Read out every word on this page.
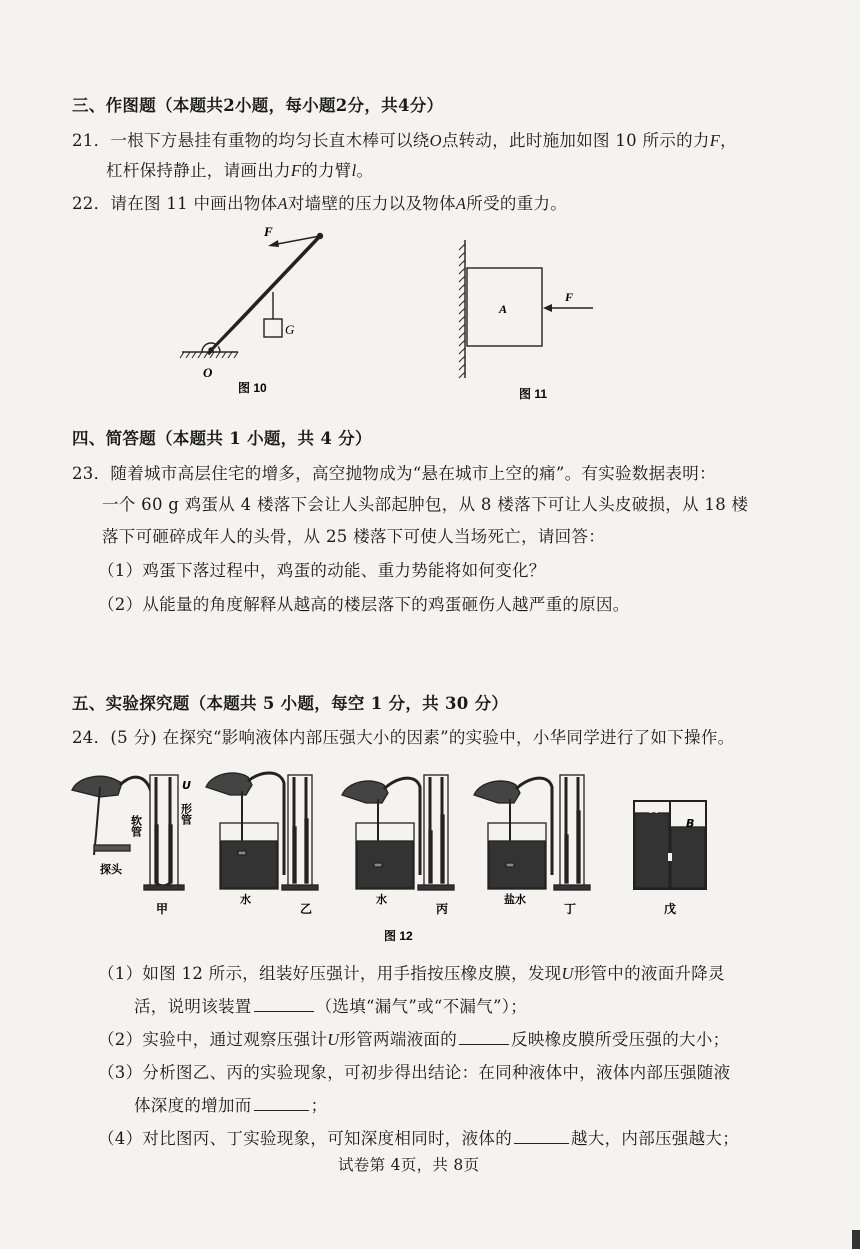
三、作图题（本题共2小题，每小题2分，共4分）
21．一根下方悬挂有重物的均匀长直木棒可以绕O点转动，此时施加如图 10 所示的力F，
杠杆保持静止，请画出力F的力臂l。
22．请在图 11 中画出物体A对墙壁的压力以及物体A所受的重力。
F
G
O
图 10
A
F
图 11
四、简答题（本题共 1 小题，共 4 分）
23．随着城市高层住宅的增多，高空抛物成为“悬在城市上空的痛”。有实验数据表明：
一个 60 g 鸡蛋从 4 楼落下会让人头部起肿包，从 8 楼落下可让人头皮破损，从 18 楼
落下可砸碎成年人的头骨，从 25 楼落下可使人当场死亡，请回答：
（1）鸡蛋下落过程中，鸡蛋的动能、重力势能将如何变化？
（2）从能量的角度解释从越高的楼层落下的鸡蛋砸伤人越严重的原因。
五、实验探究题（本题共 5 小题，每空 1 分，共 30 分）
24．(5 分) 在探究“影响液体内部压强大小的因素”的实验中，小华同学进行了如下操作。
软管
U
形管
探头
水	水	盐水
A
B
甲	乙	丙	丁	戊
图 12
（1）如图 12 所示，组装好压强计，用手指按压橡皮膜，发现U形管中的液面升降灵
活，说明该装置	（选填“漏气”或“不漏气”）；
（2）实验中，通过观察压强计U形管两端液面的	反映橡皮膜所受压强的大小；
（3）分析图乙、丙的实验现象，可初步得出结论：在同种液体中，液体内部压强随液
体深度的增加而	；
（4）对比图丙、丁实验现象，可知深度相同时，液体的	越大，内部压强越大；
试卷第 4页，共 8页
